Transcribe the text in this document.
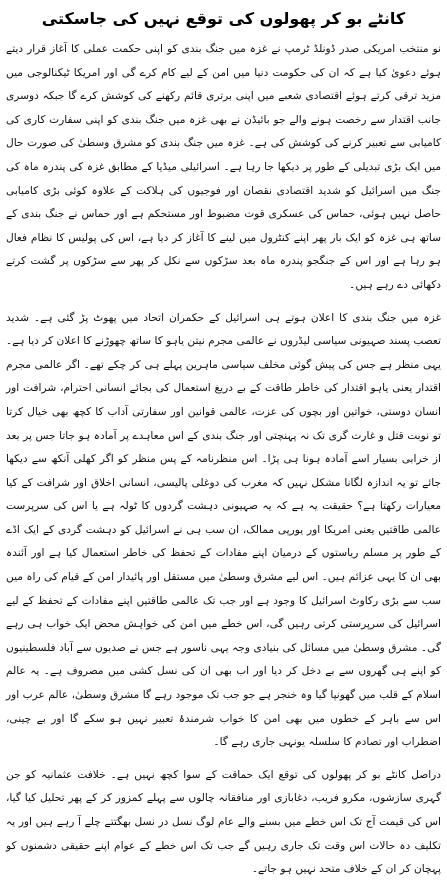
کانٹے بو کر پھولوں کی توقع نہیں کی جاسکتی

نو منتخب امریکی صدر ڈونلڈ ٹرمپ نے غزہ میں جنگ بندی کو اپنی حکمت عملی کا آغاز قرار دیتے ہوئے دعویٰ کیا ہے کہ ان کی حکومت دنیا میں امن کے لیے کام کرے گی اور امریکا ٹیکنالوجی میں مزید ترقی کرتے ہوئے اقتصادی شعبے میں اپنی برتری قائم رکھنے کی کوشش کرے گا جبکہ دوسری جانب اقتدار سے رخصت ہونے والے جو بائیڈن نے بھی غزہ میں جنگ بندی کو اپنی سفارت کاری کی کامیابی سے تعبیر کرنے کی کوشش کی ہے۔ غزہ میں جنگ بندی کو مشرق وسطیٰ کی صورت حال میں ایک بڑی تبدیلی کے طور پر دیکھا جا رہا ہے۔ اسرائیلی میڈیا کے مطابق غزہ کی پندرہ ماہ کی جنگ میں اسرائیل کو شدید اقتصادی نقصان اور فوجیوں کی ہلاکت کے علاوہ کوئی بڑی کامیابی حاصل نہیں ہوئی، حماس کی عسکری قوت مضبوط اور مستحکم ہے اور حماس نے جنگ بندی کے ساتھ ہی غزہ کو ایک بار پھر اپنے کنٹرول میں لینے کا آغاز کر دیا ہے، اس کی پولیس کا نظام فعال ہو رہا ہے اور اس کے جنگجو پندرہ ماہ بعد سڑکوں سے نکل کر پھر سے سڑکوں پر گشت کرتے دکھائی دے رہے ہیں۔

غزہ میں جنگ بندی کا اعلان ہوتے ہی اسرائیل کے حکمران اتحاد میں پھوٹ پڑ گئی ہے۔ شدید تعصب پسند صہیونی سیاسی لیڈروں نے عالمی مجرم نیتن یاہو کا ساتھ چھوڑنے کا اعلان کر دیا ہے۔ یہی منظر ہے جس کی پیش گوئی مخلف سیاسی ماہرین پہلے ہی کر چکے تھے۔ اگر عالمی مجرم اقتدار یعنی یاہو اقتدار کی خاطر طاقت کے بے دریغ استعمال کی بجائے انسانی احترام، شرافت اور انسان دوستی، خواتین اور بچوں کی عزت، عالمی قوانین اور سفارتی آداب کا کچھ بھی خیال کرتا تو نوبت قتل و غارت گری تک نہ پہنچتی اور جنگ بندی کے اس معاہدے پر آمادہ ہو جاتا جس پر بعد از خرابی بسیار اسے آمادہ ہونا ہی پڑا۔ اس منظرنامہ کے پس منظر کو اگر کھلی آنکھ سے دیکھا جائے تو یہ اندازہ لگانا مشکل نہیں کہ مغرب کی دوغلی پالیسی، انسانی اخلاق اور شرافت کے کیا معیارات رکھتا ہے؟ حقیقت یہ ہے کہ یہ صہیونی دہشت گردوں کا ٹولہ ہے یا اس کی سرپرست عالمی طاقتیں یعنی امریکا اور یورپی ممالک، ان سب ہی نے اسرائیل کو دہشت گردی کے ایک اڈے کے طور پر مسلم ریاستوں کے درمیان اپنے مفادات کے تحفظ کی خاطر استعمال کیا ہے اور آئندہ بھی ان کا یہی عزائم ہیں۔ اس لیے مشرق وسطیٰ میں مستقل اور پائیدار امن کے قیام کی راہ میں سب سے بڑی رکاوٹ اسرائیل کا وجود ہے اور جب تک عالمی طاقتیں اپنے مفادات کے تحفظ کے لیے اسرائیل کی سرپرستی کرتی رہیں گی، اس خطے میں امن کی خواہش محض ایک خواب ہی رہے گی۔ مشرق وسطیٰ میں مسائل کی بنیادی وجہ یہی ناسور ہے جس نے صدیوں سے آباد فلسطینیوں کو اپنے ہی گھروں سے بے دخل کر دیا اور اب بھی ان کی نسل کشی میں مصروف ہے۔ یہ عالم اسلام کے قلب میں گھونپا گیا وہ خنجر ہے جو جب تک موجود رہے گا مشرق وسطیٰ، عالم عرب اور اس سے باہر کے خطوں میں بھی امن کا خواب شرمندۂ تعبیر نہیں ہو سکے گا اور بے چینی، اضطراب اور تصادم کا سلسلہ یونہی جاری رہے گا۔

دراصل کانٹے بو کر پھولوں کی توقع ایک حماقت کے سوا کچھ نہیں ہے۔ خلافت عثمانیہ کو جن گہری سازشوں، مکرو فریب، دغابازی اور منافقانہ چالوں سے پہلے کمزور کر کے پھر تحلیل کیا گیا، اس کی قیمت آج تک اس خطے میں بسنے والے عام لوگ نسل در نسل بھگتتے چلے آ رہے ہیں اور یہ تکلیف دہ حالات اس وقت تک جاری رہیں گے جب تک اس خطے کے عوام اپنے حقیقی دشمنوں کو پہچان کر ان کے خلاف متحد نہیں ہو جاتے۔
